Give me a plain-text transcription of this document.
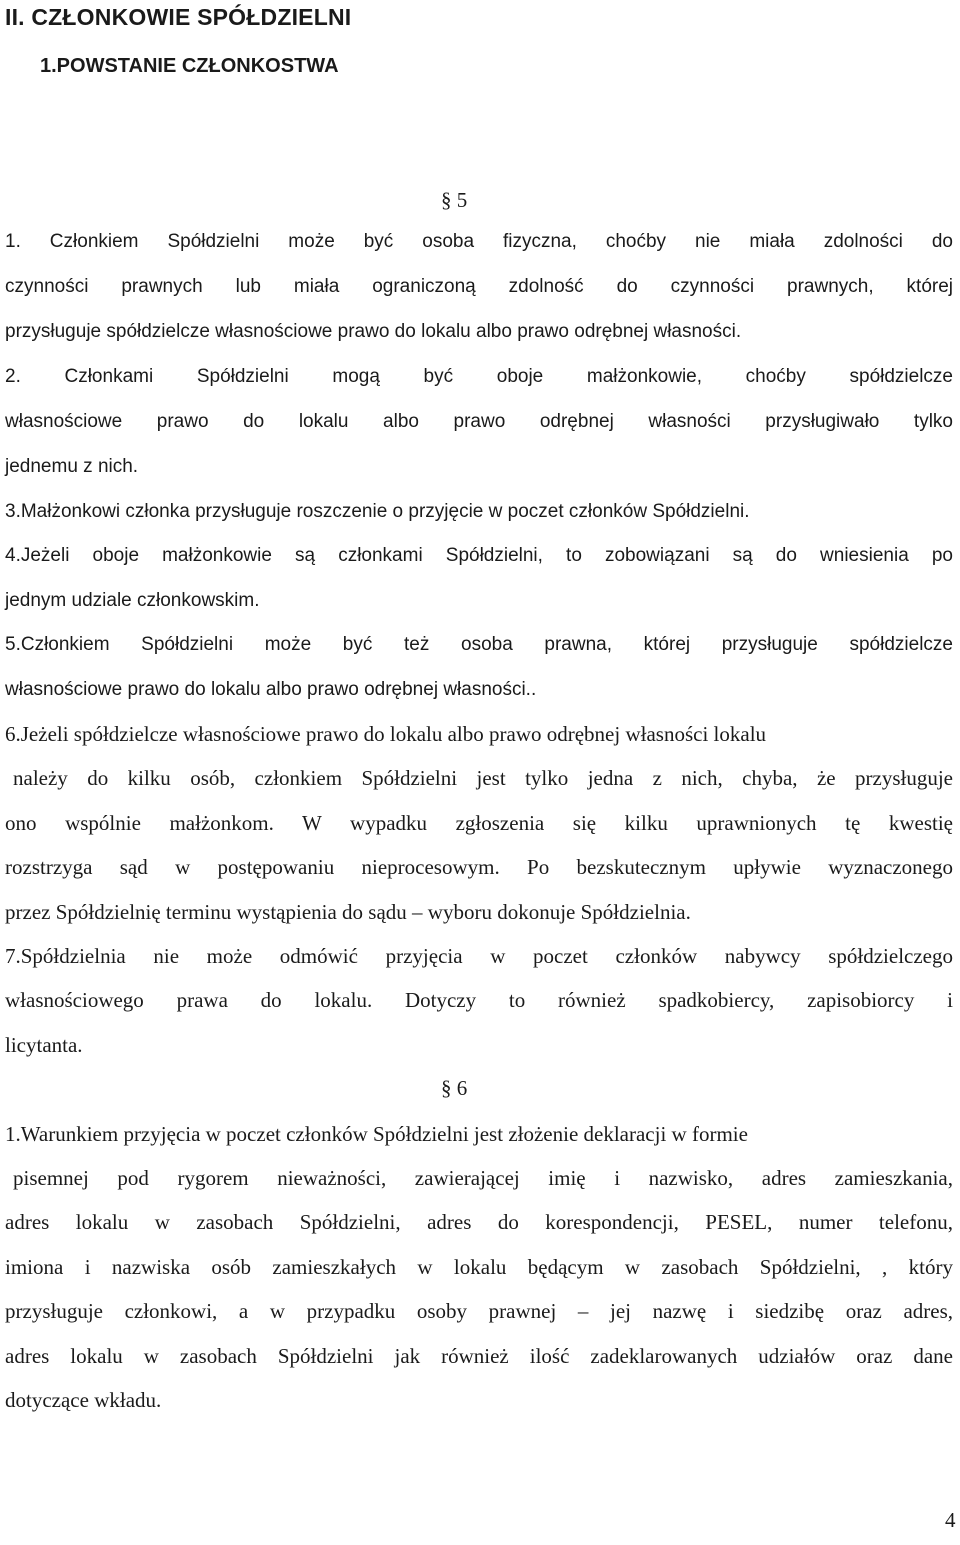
II. CZŁONKOWIE SPÓŁDZIELNI
1.POWSTANIE CZŁONKOSTWA
§ 5

1. Członkiem Spółdzielni może być osoba fizyczna, choćby nie miała zdolności do

czynności prawnych lub miała ograniczoną zdolność do czynności prawnych, której

przysługuje spółdzielcze własnościowe prawo do lokalu albo prawo odrębnej własności.

2. Członkami Spółdzielni mogą być oboje małżonkowie, choćby spółdzielcze

własnościowe prawo do lokalu albo prawo odrębnej własności przysługiwało tylko

jednemu z nich.

3.Małżonkowi członka przysługuje roszczenie o przyjęcie w poczet członków Spółdzielni.

4.Jeżeli oboje małżonkowie są członkami Spółdzielni, to zobowiązani są do wniesienia po

jednym udziale członkowskim.

5.Członkiem Spółdzielni może być też osoba prawna, której przysługuje spółdzielcze

własnościowe prawo do lokalu albo prawo odrębnej własności..

6.Jeżeli spółdzielcze własnościowe prawo do lokalu albo prawo odrębnej własności lokalu

należy do kilku osób, członkiem Spółdzielni jest tylko jedna z nich, chyba, że przysługuje

ono wspólnie małżonkom. W wypadku zgłoszenia się kilku uprawnionych tę kwestię

rozstrzyga sąd w postępowaniu nieprocesowym. Po bezskutecznym upływie wyznaczonego

przez Spółdzielnię terminu wystąpienia do sądu – wyboru dokonuje Spółdzielnia.

7.Spółdzielnia nie może odmówić przyjęcia w poczet członków nabywcy spółdzielczego

własnościowego prawa do lokalu. Dotyczy to również spadkobiercy, zapisobiorcy i

licytanta.

§ 6

1.Warunkiem przyjęcia w poczet członków Spółdzielni jest złożenie deklaracji w formie

pisemnej pod rygorem nieważności, zawierającej imię i nazwisko, adres zamieszkania,

adres lokalu w zasobach Spółdzielni, adres do korespondencji, PESEL, numer telefonu,

imiona i nazwiska osób zamieszkałych w lokalu będącym w zasobach Spółdzielni, , który

przysługuje członkowi, a w przypadku osoby prawnej – jej nazwę i siedzibę oraz adres,

adres lokalu w zasobach Spółdzielni jak również ilość zadeklarowanych udziałów oraz dane

dotyczące wkładu.

4
